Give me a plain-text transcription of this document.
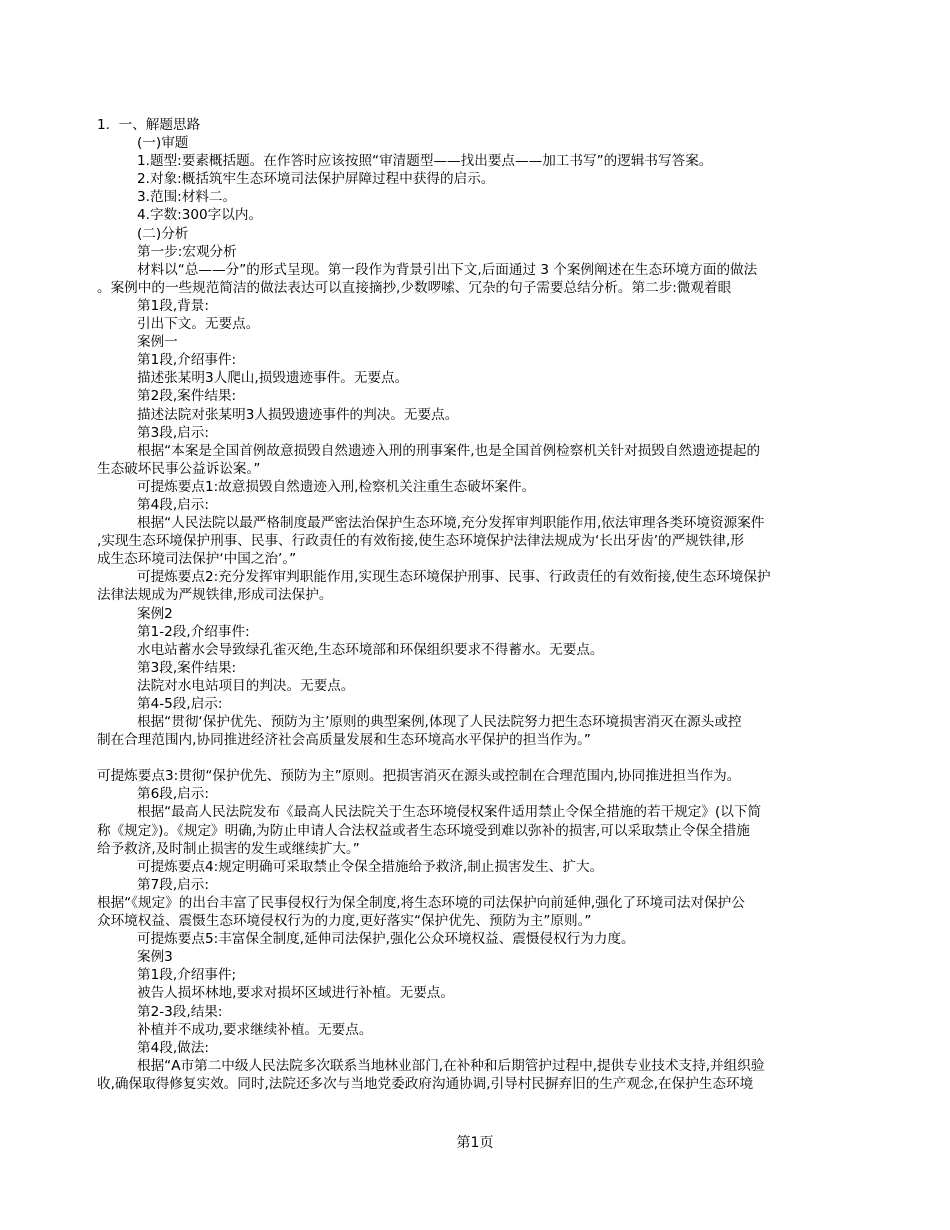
1.  一、解题思路
(一)审题
1.题型:要素概括题。在作答时应该按照“审清题型——找出要点——加工书写”的逻辑书写答案。
2.对象:概括筑牢生态环境司法保护屏障过程中获得的启示。
3.范围:材料二。
4.字数:300字以内。
(二)分析
第一步:宏观分析
材料以“总——分”的形式呈现。第一段作为背景引出下文,后面通过 3 个案例阐述在生态环境方面的做法
。案例中的一些规范简洁的做法表达可以直接摘抄,少数啰嗦、冗杂的句子需要总结分析。第二步:微观着眼
第1段,背景:
引出下文。无要点。
案例一
第1段,介绍事件:
描述张某明3人爬山,损毁遗迹事件。无要点。
第2段,案件结果:
描述法院对张某明3人损毁遗迹事件的判决。无要点。
第3段,启示:
根据“本案是全国首例故意损毁自然遗迹入刑的刑事案件,也是全国首例检察机关针对损毁自然遗迹提起的
生态破坏民事公益诉讼案。”
可提炼要点1:故意损毁自然遗迹入刑,检察机关注重生态破坏案件。
第4段,启示:
根据“人民法院以最严格制度最严密法治保护生态环境,充分发挥审判职能作用,依法审理各类环境资源案件
,实现生态环境保护刑事、民事、行政责任的有效衔接,使生态环境保护法律法规成为‘长出牙齿’的严规铁律,形
成生态环境司法保护‘中国之治’。”
可提炼要点2:充分发挥审判职能作用,实现生态环境保护刑事、民事、行政责任的有效衔接,使生态环境保护
法律法规成为严规铁律,形成司法保护。
案例2
第1-2段,介绍事件:
水电站蓄水会导致绿孔雀灭绝,生态环境部和环保组织要求不得蓄水。无要点。
第3段,案件结果:
法院对水电站项目的判决。无要点。
第4-5段,启示:
根据“贯彻‘保护优先、预防为主’原则的典型案例,体现了人民法院努力把生态环境损害消灭在源头或控
制在合理范围内,协同推进经济社会高质量发展和生态环境高水平保护的担当作为。”
可提炼要点3:贯彻“保护优先、预防为主”原则。把损害消灭在源头或控制在合理范围内,协同推进担当作为。
第6段,启示:
根据“最高人民法院发布《最高人民法院关于生态环境侵权案件适用禁止令保全措施的若干规定》(以下简
称《规定》)。《规定》明确,为防止申请人合法权益或者生态环境受到难以弥补的损害,可以采取禁止令保全措施
给予救济,及时制止损害的发生或继续扩大。”
可提炼要点4:规定明确可采取禁止令保全措施给予救济,制止损害发生、扩大。
第7段,启示:
根据“《规定》的出台丰富了民事侵权行为保全制度,将生态环境的司法保护向前延伸,强化了环境司法对保护公
众环境权益、震慑生态环境侵权行为的力度,更好落实“保护优先、预防为主”原则。”
可提炼要点5:丰富保全制度,延伸司法保护,强化公众环境权益、震慑侵权行为力度。
案例3
第1段,介绍事件;
被告人损坏林地,要求对损坏区域进行补植。无要点。
第2-3段,结果:
补植并不成功,要求继续补植。无要点。
第4段,做法:
根据“A市第二中级人民法院多次联系当地林业部门,在补种和后期管护过程中,提供专业技术支持,并组织验
收,确保取得修复实效。同时,法院还多次与当地党委政府沟通协调,引导村民摒弃旧的生产观念,在保护生态环境
第1页
